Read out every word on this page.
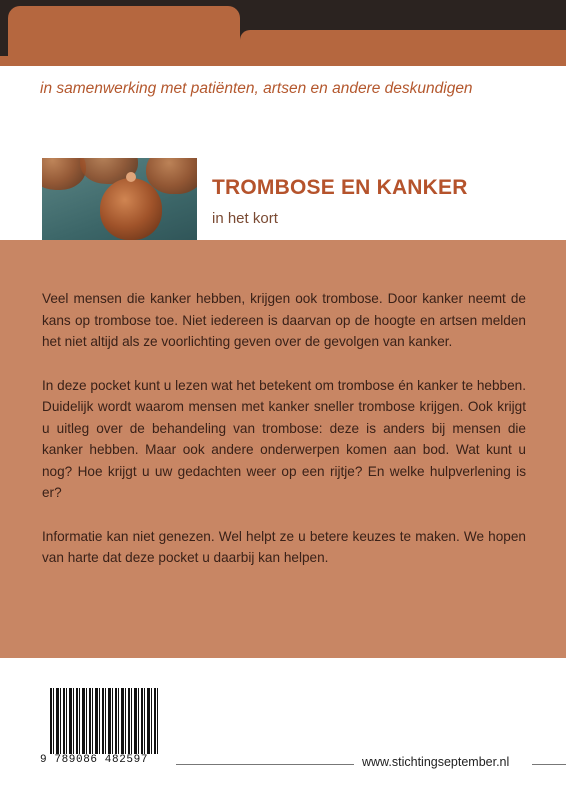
in samenwerking met patiënten, artsen en andere deskundigen
TROMBOSE EN KANKER
in het kort

Veel mensen die kanker hebben, krijgen ook trombose. Door kanker neemt de kans op trombose toe. Niet iedereen is daarvan op de hoogte en artsen melden het niet altijd als ze voorlichting geven over de gevolgen van kanker.

In deze pocket kunt u lezen wat het betekent om trombose én kanker te hebben. Duidelijk wordt waarom mensen met kanker sneller trombose krijgen. Ook krijgt u uitleg over de behandeling van trombose: deze is anders bij mensen die kanker hebben. Maar ook andere onderwerpen komen aan bod. Wat kunt u nog? Hoe krijgt u uw gedachten weer op een rijtje? En welke hulpverlening is er?

Informatie kan niet genezen. Wel helpt ze u betere keuzes te maken. We hopen van harte dat deze pocket u daarbij kan helpen.

9 789086 482597	www.stichtingseptember.nl
